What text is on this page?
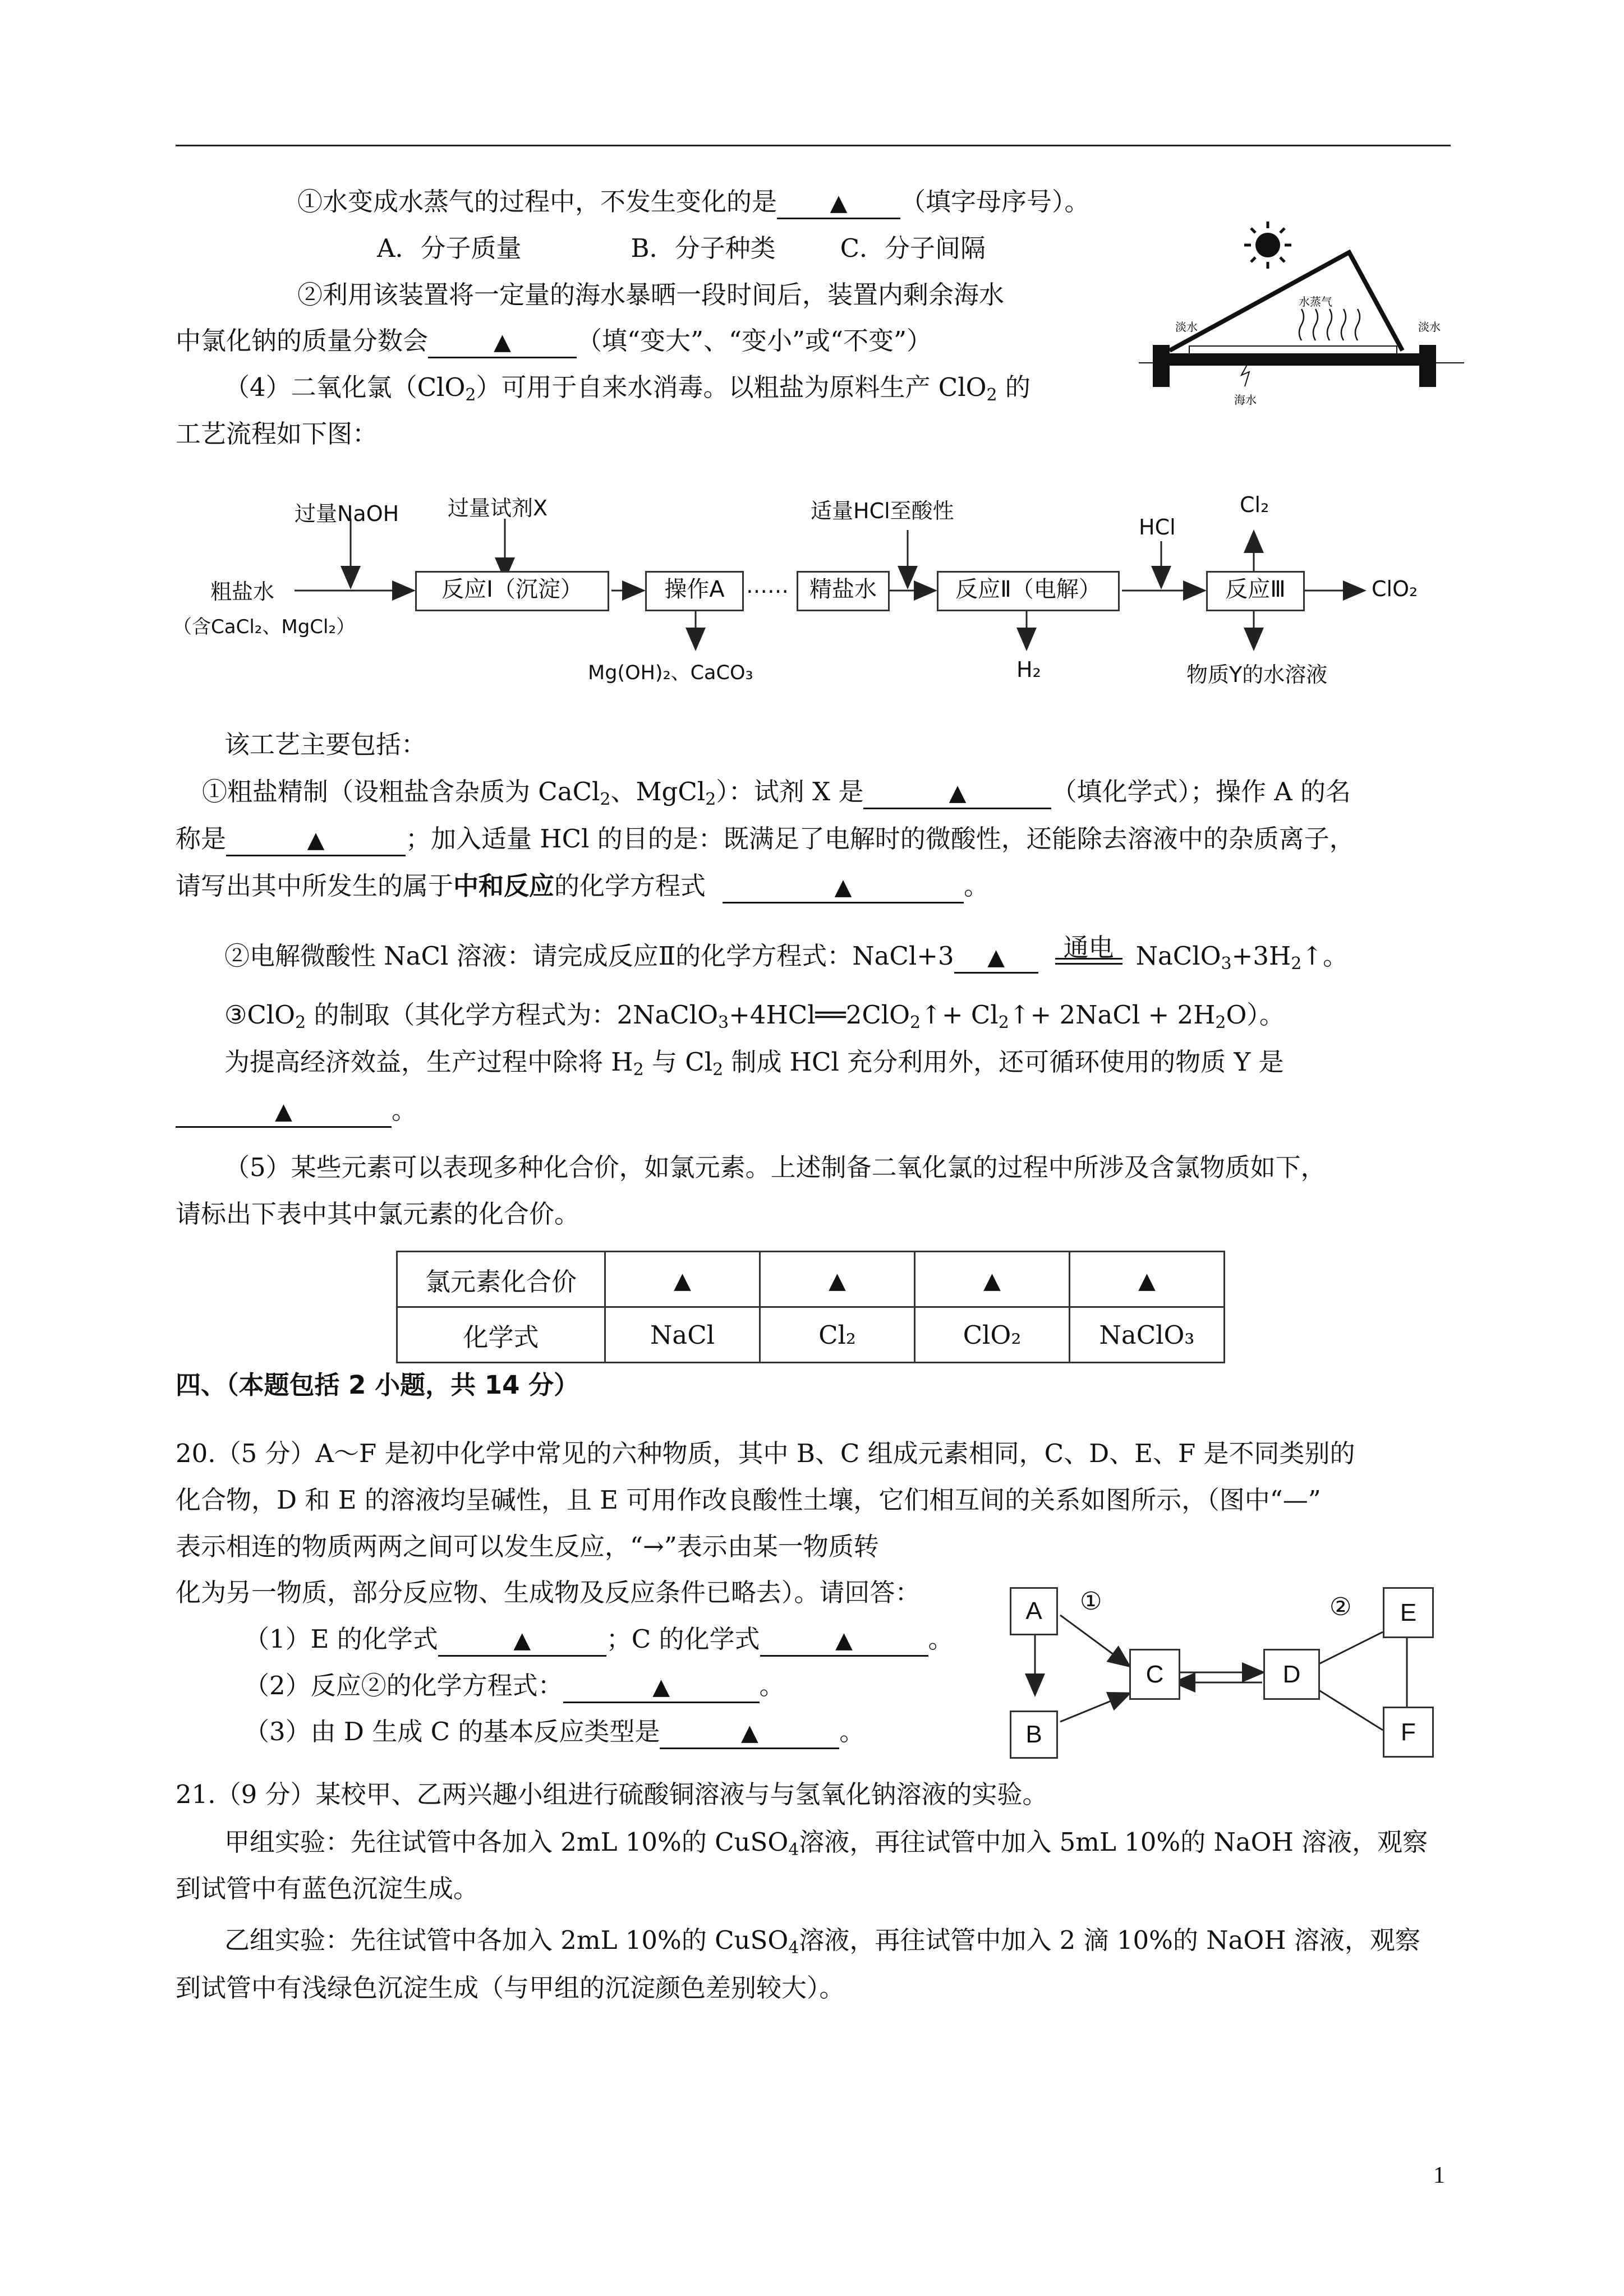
①水变成水蒸气的过程中，不发生变化的是 ▲ （填字母序号）。
A．分子质量	B．分子种类	C．分子间隔
②利用该装置将一定量的海水暴晒一段时间后，装置内剩余海水
中氯化钠的质量分数会	▲	（填“变大”、“变小”或“不变”）
水蒸气
淡水	淡水
海水
（4）二氧化氯（ClO$_2$）可用于自来水消毒。以粗盐为原料生产 ClO$_2$ 的
工艺流程如下图：
粗盐水
（含CaCl₂、MgCl₂）
过量NaOH 过量试剂X
反应Ⅰ（沉淀）	操作A	…… 精盐水
适量HCl至酸性
反应Ⅱ（电解）
HCl
反应Ⅲ
Cl₂
ClO₂
Mg(OH)₂、CaCO₃	H₂	物质Y的水溶液
该工艺主要包括：
①粗盐精制（设粗盐含杂质为 CaCl$_2$、MgCl$_2$）：试剂 X 是	▲	（填化学式）；操作 A 的名
称是	▲	；加入适量 HCl 的目的是：既满足了电解时的微酸性，还能除去溶液中的杂质离子，
请写出其中所发生的属于中和反应的化学方程式	▲	。
②电解微酸性 NaCl 溶液：请完成反应Ⅱ的化学方程式：NaCl+3 ▲	通电 $NaClO_3+3H_2↑$。
③ClO$_2$ 的制取（其化学方程式为：2NaClO$_3$+4HCl══2ClO$_2$↑+ $Cl_2↑+$ 2NaCl + $2H_2O$）。
为提高经济效益，生产过程中除将 $H_2$ 与 $Cl_2$ 制成 HCl 充分利用外，还可循环使用的物质 Y 是
▲	。
（5）某些元素可以表现多种化合价，如氯元素。上述制备二氧化氯的过程中所涉及含氯物质如下，
请标出下表中其中氯元素的化合价。
氯元素化合价	▲	▲	▲	▲
化学式	NaCl	Cl₂	ClO₂	NaClO₃
四、（本题包括 2 小题，共 14 分）
20.（5 分）A～F 是初中化学中常见的六种物质，其中 B、C 组成元素相同，C、D、E、F 是不同类别的
化合物，D 和 E 的溶液均呈碱性，且 E 可用作改良酸性土壤，它们相互间的关系如图所示，（图中“—”
表示相连的物质两两之间可以发生反应，“→”表示由某一物质转
化为另一物质，部分反应物、生成物及反应条件已略去）。请回答：
（1）E 的化学式	▲	；C 的化学式	▲	。
（2）反应②的化学方程式：	▲	。
（3）由 D 生成 C 的基本反应类型是	▲	。
A
B
C	D
E
F
①	②
21.（9 分）某校甲、乙两兴趣小组进行硫酸铜溶液与与氢氧化钠溶液的实验。
甲组实验：先往试管中各加入 2mL 10%的 CuSO$_4$溶液，再往试管中加入 5mL 10%的 NaOH 溶液，观察
到试管中有蓝色沉淀生成。
乙组实验：先往试管中各加入 2mL 10%的 CuSO$_4$溶液，再往试管中加入 2 滴 10%的 NaOH 溶液，观察
到试管中有浅绿色沉淀生成（与甲组的沉淀颜色差别较大）。
1
